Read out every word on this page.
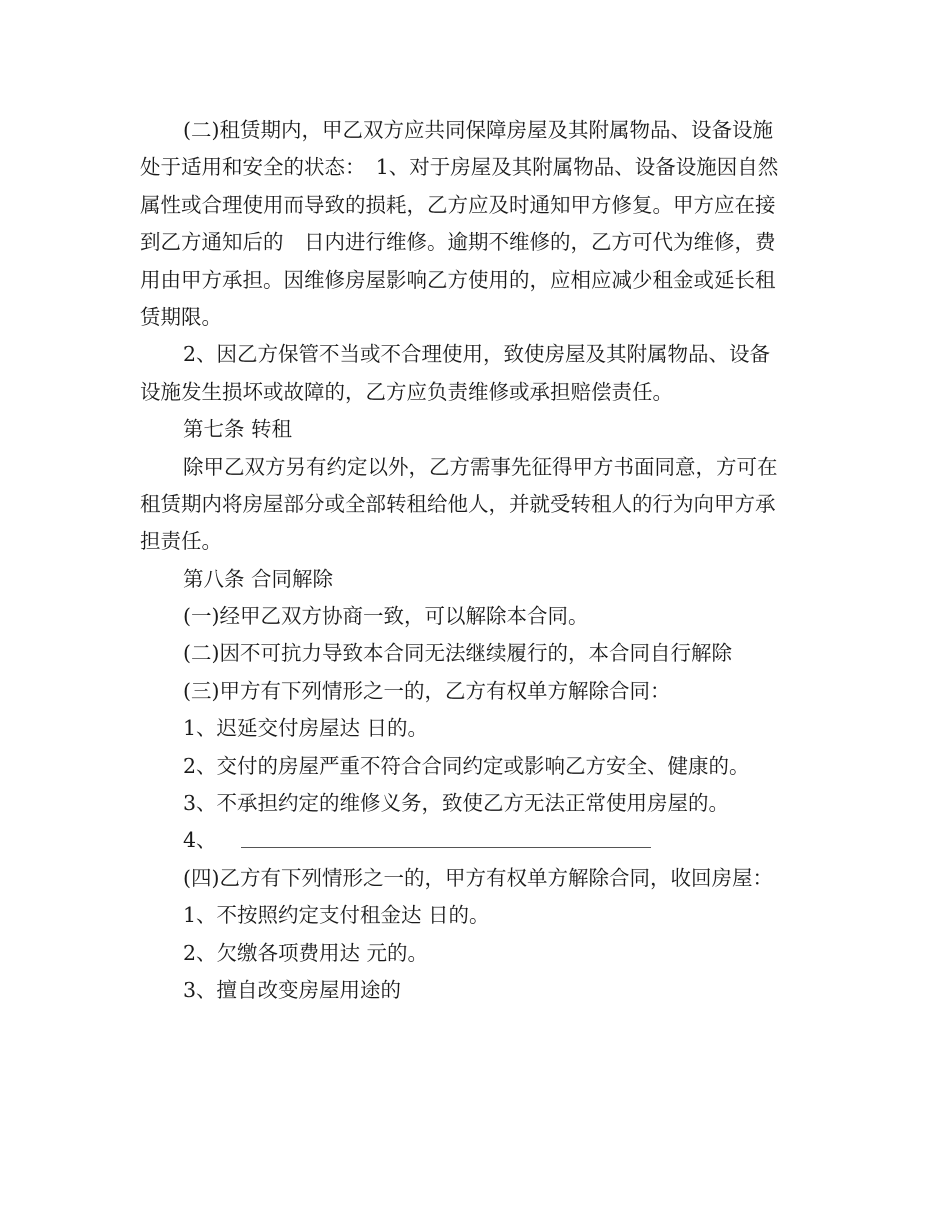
(二)租赁期内，甲乙双方应共同保障房屋及其附属物品、设备设施
处于适用和安全的状态：　1、对于房屋及其附属物品、设备设施因自然
属性或合理使用而导致的损耗，乙方应及时通知甲方修复。甲方应在接
到乙方通知后的　日内进行维修。逾期不维修的，乙方可代为维修，费
用由甲方承担。因维修房屋影响乙方使用的，应相应减少租金或延长租
赁期限。
2、因乙方保管不当或不合理使用，致使房屋及其附属物品、设备
设施发生损坏或故障的，乙方应负责维修或承担赔偿责任。
第七条 转租
除甲乙双方另有约定以外，乙方需事先征得甲方书面同意，方可在
租赁期内将房屋部分或全部转租给他人，并就受转租人的行为向甲方承
担责任。
第八条 合同解除
(一)经甲乙双方协商一致，可以解除本合同。
(二)因不可抗力导致本合同无法继续履行的，本合同自行解除
(三)甲方有下列情形之一的，乙方有权单方解除合同：
1、迟延交付房屋达 日的。
2、交付的房屋严重不符合合同约定或影响乙方安全、健康的。
3、不承担约定的维修义务，致使乙方无法正常使用房屋的。
4、
(四)乙方有下列情形之一的，甲方有权单方解除合同，收回房屋：
1、不按照约定支付租金达 日的。
2、欠缴各项费用达 元的。
3、擅自改变房屋用途的
